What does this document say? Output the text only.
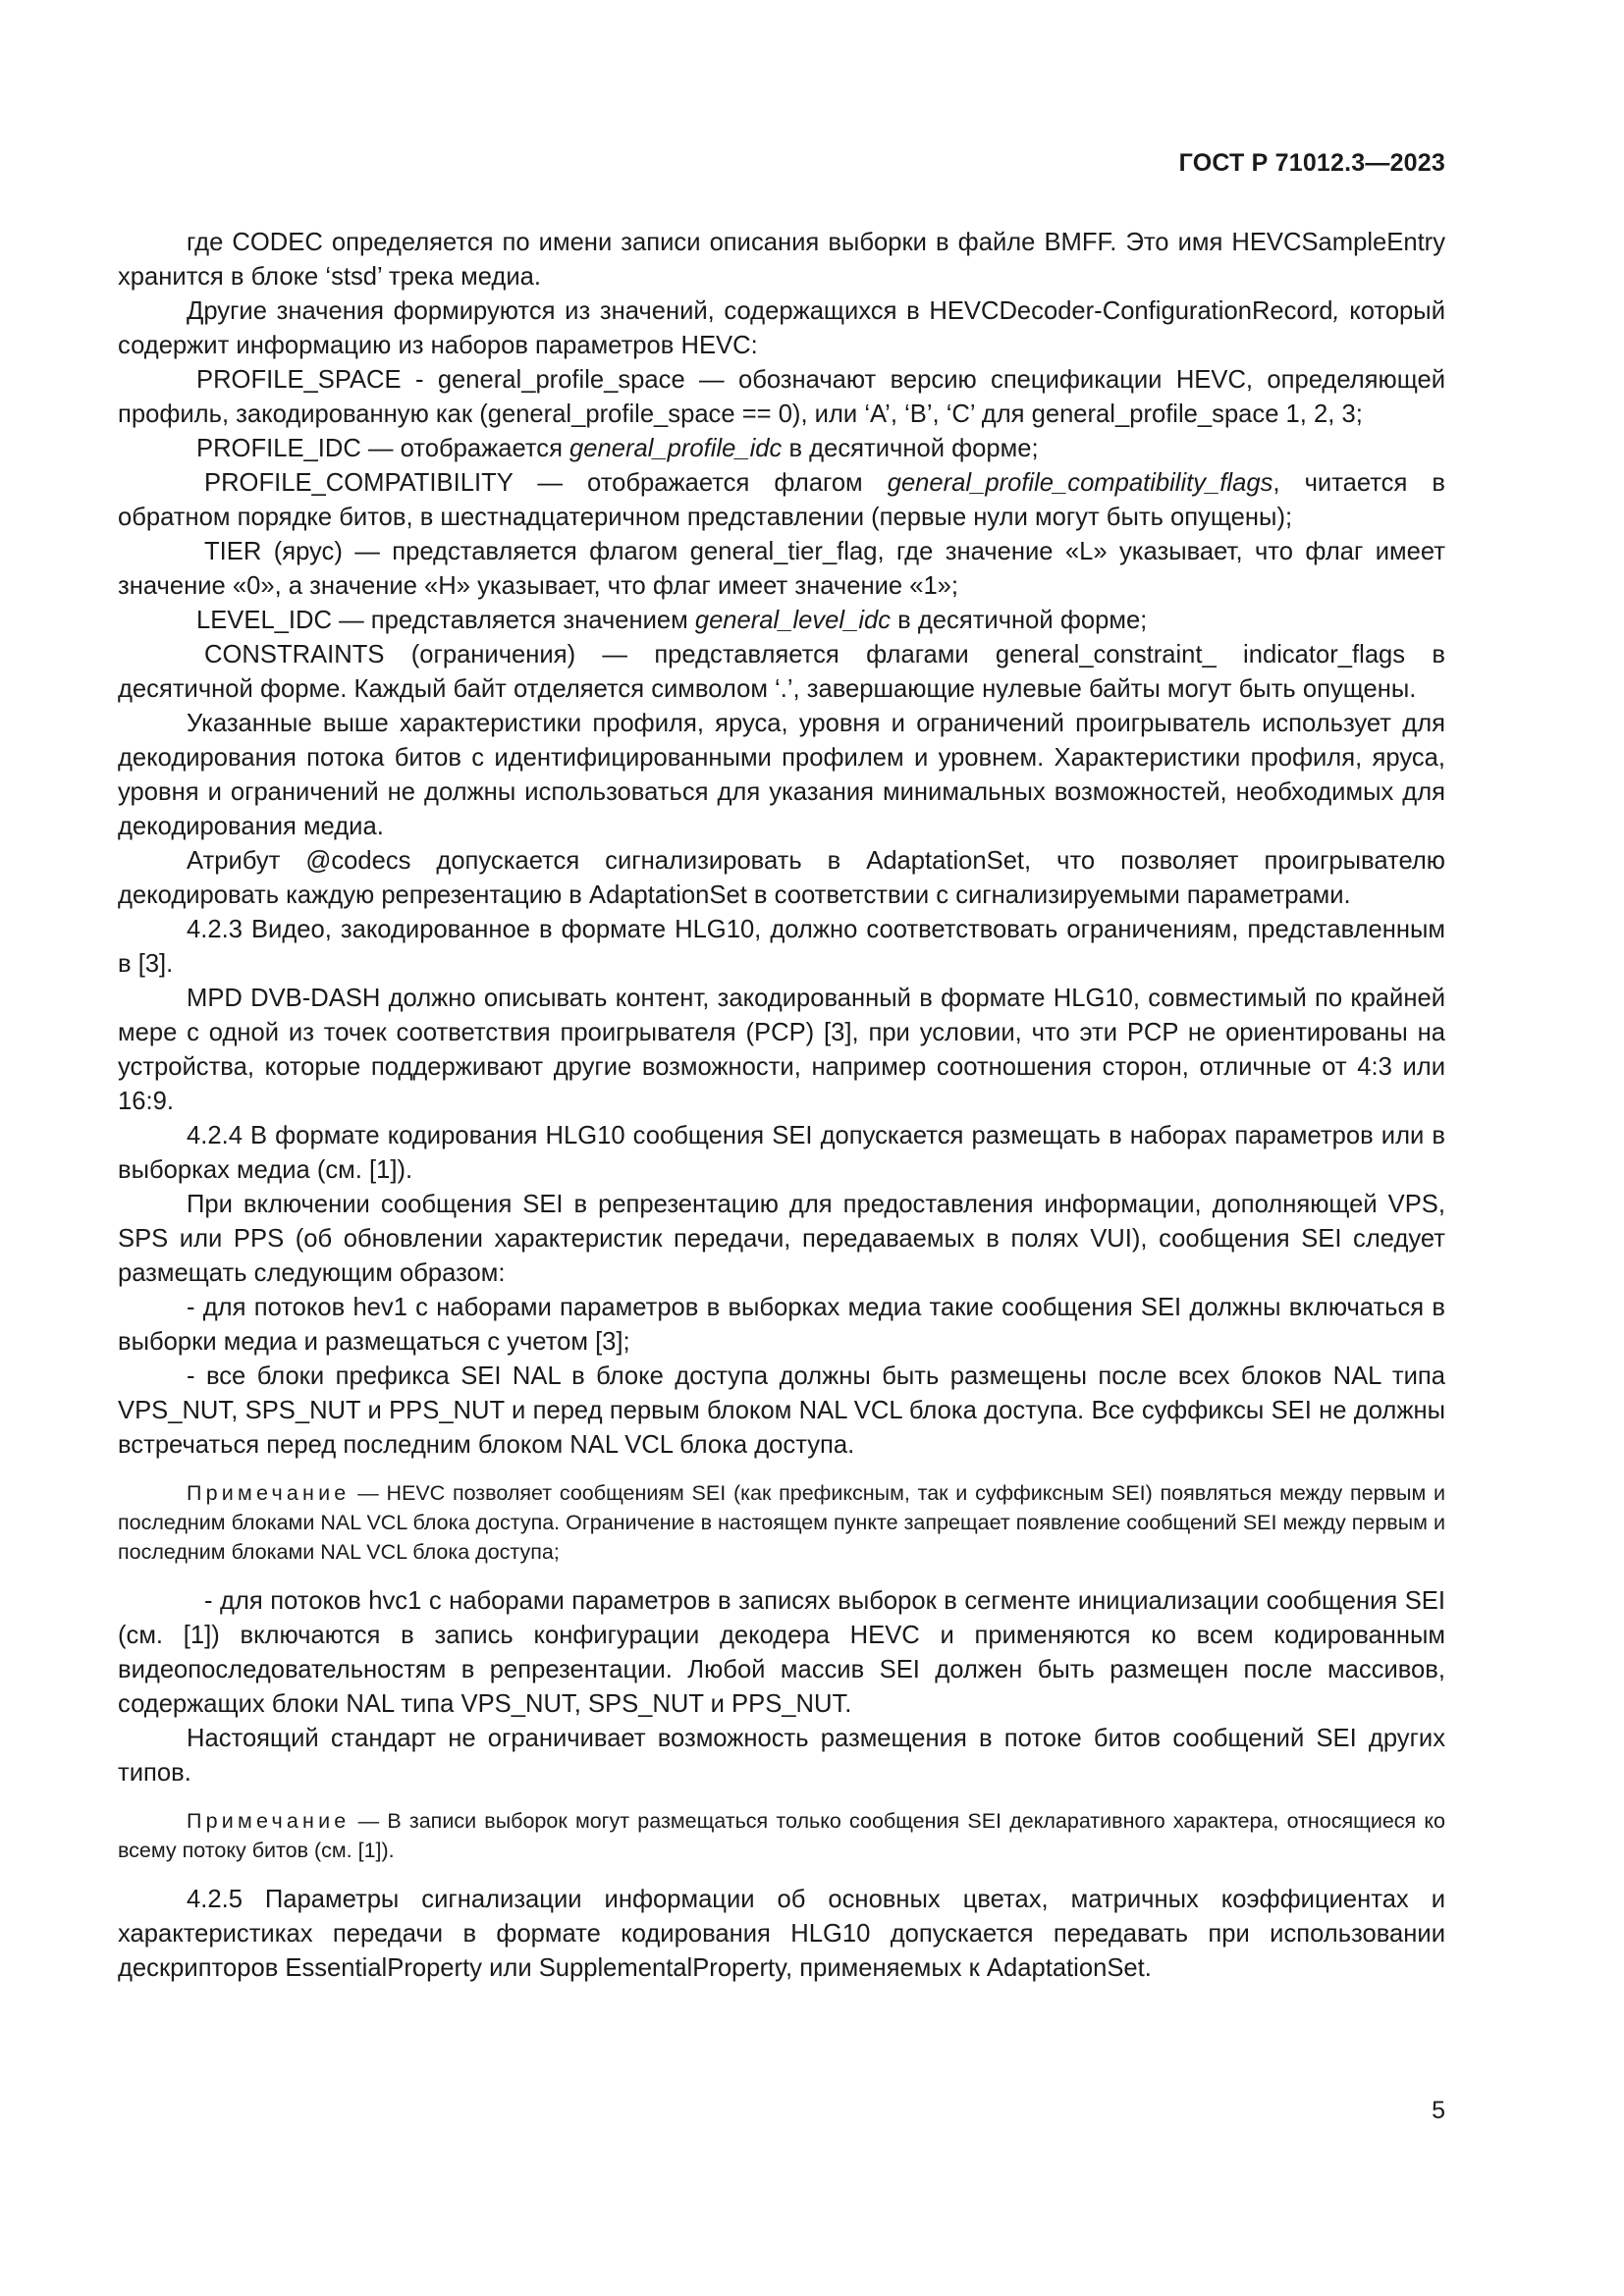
ГОСТ Р 71012.3—2023

где CODEC определяется по имени записи описания выборки в файле BMFF. Это имя HEVCSampleEntry хранится в блоке ‘stsd’ трека медиа.

Другие значения формируются из значений, содержащихся в HEVCDecoder-ConfigurationRecord, который содержит информацию из наборов параметров HEVC:

PROFILE_SPACE - general_profile_space — обозначают версию спецификации HEVC, определяющей профиль, закодированную как (general_profile_space == 0), или ‘A’, ‘B’, ‘C’ для general_profile_space 1, 2, 3;

PROFILE_IDC — отображается general_profile_idc в десятичной форме;

PROFILE_COMPATIBILITY — отображается флагом general_profile_compatibility_flags, читается в обратном порядке битов, в шестнадцатеричном представлении (первые нули могут быть опущены);

TIER (ярус) — представляется флагом general_tier_flag, где значение «L» указывает, что флаг имеет значение «0», а значение «H» указывает, что флаг имеет значение «1»;

LEVEL_IDC — представляется значением general_level_idc в десятичной форме;

CONSTRAINTS (ограничения) — представляется флагами general_constraint_ indicator_flags в десятичной форме. Каждый байт отделяется символом ‘.’, завершающие нулевые байты могут быть опущены.

Указанные выше характеристики профиля, яруса, уровня и ограничений проигрыватель использует для декодирования потока битов с идентифицированными профилем и уровнем. Характеристики профиля, яруса, уровня и ограничений не должны использоваться для указания минимальных возможностей, необходимых для декодирования медиа.

Атрибут @codecs допускается сигнализировать в AdaptationSet, что позволяет проигрывателю декодировать каждую репрезентацию в AdaptationSet в соответствии с сигнализируемыми параметрами.

4.2.3 Видео, закодированное в формате HLG10, должно соответствовать ограничениям, представленным в [3].

MPD DVB-DASH должно описывать контент, закодированный в формате HLG10, совместимый по крайней мере с одной из точек соответствия проигрывателя (PCP) [3], при условии, что эти PCP не ориентированы на устройства, которые поддерживают другие возможности, например соотношения сторон, отличные от 4:3 или 16:9.

4.2.4 В формате кодирования HLG10 сообщения SEI допускается размещать в наборах параметров или в выборках медиа (см. [1]).

При включении сообщения SEI в репрезентацию для предоставления информации, дополняющей VPS, SPS или PPS (об обновлении характеристик передачи, передаваемых в полях VUI), сообщения SEI следует размещать следующим образом:

- для потоков hev1 с наборами параметров в выборках медиа такие сообщения SEI должны включаться в выборки медиа и размещаться с учетом [3];

- все блоки префикса SEI NAL в блоке доступа должны быть размещены после всех блоков NAL типа VPS_NUT, SPS_NUT и PPS_NUT и перед первым блоком NAL VCL блока доступа. Все суффиксы SEI не должны встречаться перед последним блоком NAL VCL блока доступа.

Примечание — HEVC позволяет сообщениям SEI (как префиксным, так и суффиксным SEI) появляться между первым и последним блоками NAL VCL блока доступа. Ограничение в настоящем пункте запрещает появление сообщений SEI между первым и последним блоками NAL VCL блока доступа;

- для потоков hvc1 с наборами параметров в записях выборок в сегменте инициализации сообщения SEI (см. [1]) включаются в запись конфигурации декодера HEVC и применяются ко всем кодированным видеопоследовательностям в репрезентации. Любой массив SEI должен быть размещен после массивов, содержащих блоки NAL типа VPS_NUT, SPS_NUT и PPS_NUT.

Настоящий стандарт не ограничивает возможность размещения в потоке битов сообщений SEI других типов.

Примечание — В записи выборок могут размещаться только сообщения SEI декларативного характера, относящиеся ко всему потоку битов (см. [1]).

4.2.5 Параметры сигнализации информации об основных цветах, матричных коэффициентах и характеристиках передачи в формате кодирования HLG10 допускается передавать при использовании дескрипторов EssentialProperty или SupplementalProperty, применяемых к AdaptationSet.

5
